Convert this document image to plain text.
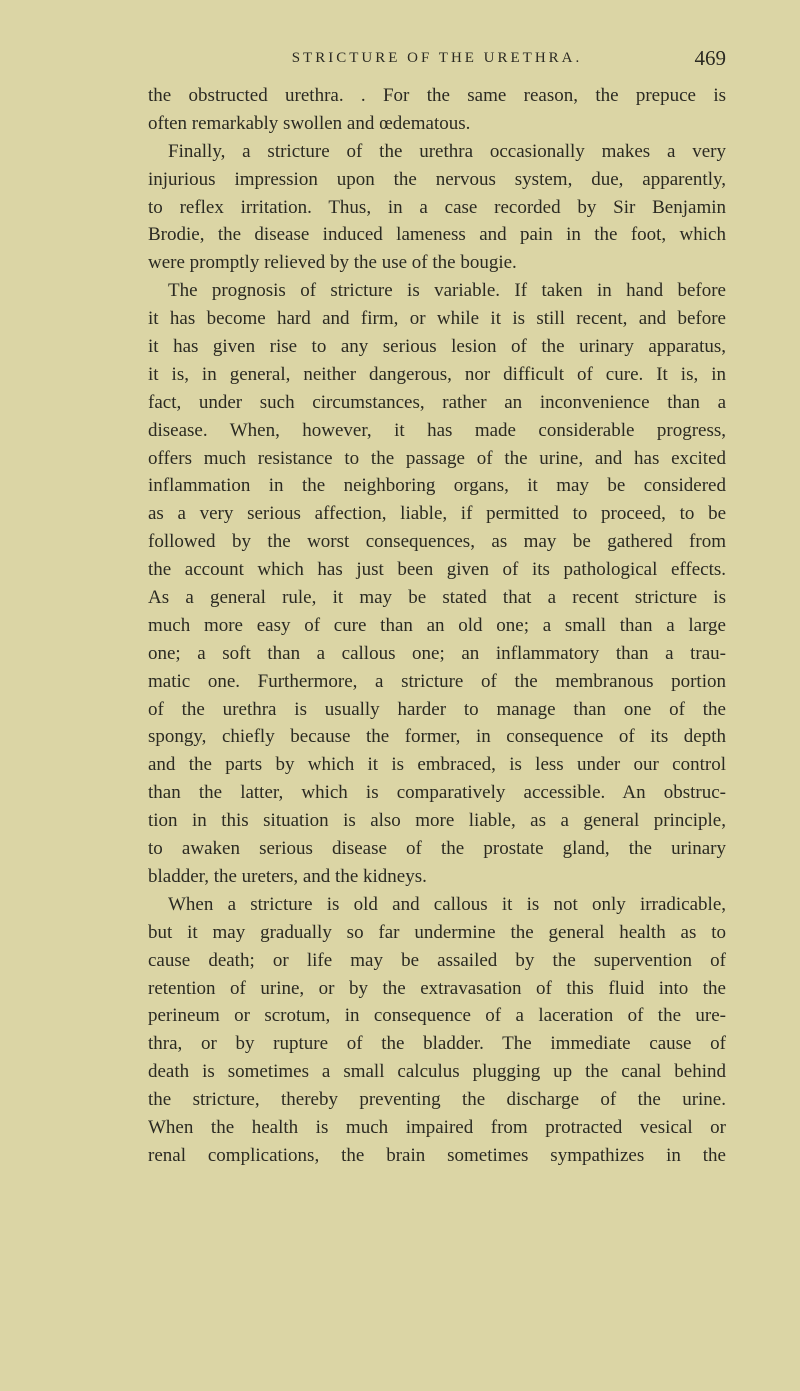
STRICTURE OF THE URETHRA.	469
the obstructed urethra. . For the same reason, the prepuce is
often remarkably swollen and œdematous.
Finally, a stricture of the urethra occasionally makes a very
injurious impression upon the nervous system, due, apparently,
to reflex irritation. Thus, in a case recorded by Sir Benjamin
Brodie, the disease induced lameness and pain in the foot, which
were promptly relieved by the use of the bougie.
The prognosis of stricture is variable. If taken in hand before
it has become hard and firm, or while it is still recent, and before
it has given rise to any serious lesion of the urinary apparatus,
it is, in general, neither dangerous, nor difficult of cure. It is, in
fact, under such circumstances, rather an inconvenience than a
disease. When, however, it has made considerable progress,
offers much resistance to the passage of the urine, and has excited
inflammation in the neighboring organs, it may be considered
as a very serious affection, liable, if permitted to proceed, to be
followed by the worst consequences, as may be gathered from
the account which has just been given of its pathological effects.
As a general rule, it may be stated that a recent stricture is
much more easy of cure than an old one; a small than a large
one; a soft than a callous one; an inflammatory than a trau-
matic one. Furthermore, a stricture of the membranous portion
of the urethra is usually harder to manage than one of the
spongy, chiefly because the former, in consequence of its depth
and the parts by which it is embraced, is less under our control
than the latter, which is comparatively accessible. An obstruc-
tion in this situation is also more liable, as a general principle,
to awaken serious disease of the prostate gland, the urinary
bladder, the ureters, and the kidneys.
When a stricture is old and callous it is not only irradicable,
but it may gradually so far undermine the general health as to
cause death; or life may be assailed by the supervention of
retention of urine, or by the extravasation of this fluid into the
perineum or scrotum, in consequence of a laceration of the ure-
thra, or by rupture of the bladder. The immediate cause of
death is sometimes a small calculus plugging up the canal behind
the stricture, thereby preventing the discharge of the urine.
When the health is much impaired from protracted vesical or
renal complications, the brain sometimes sympathizes in the
